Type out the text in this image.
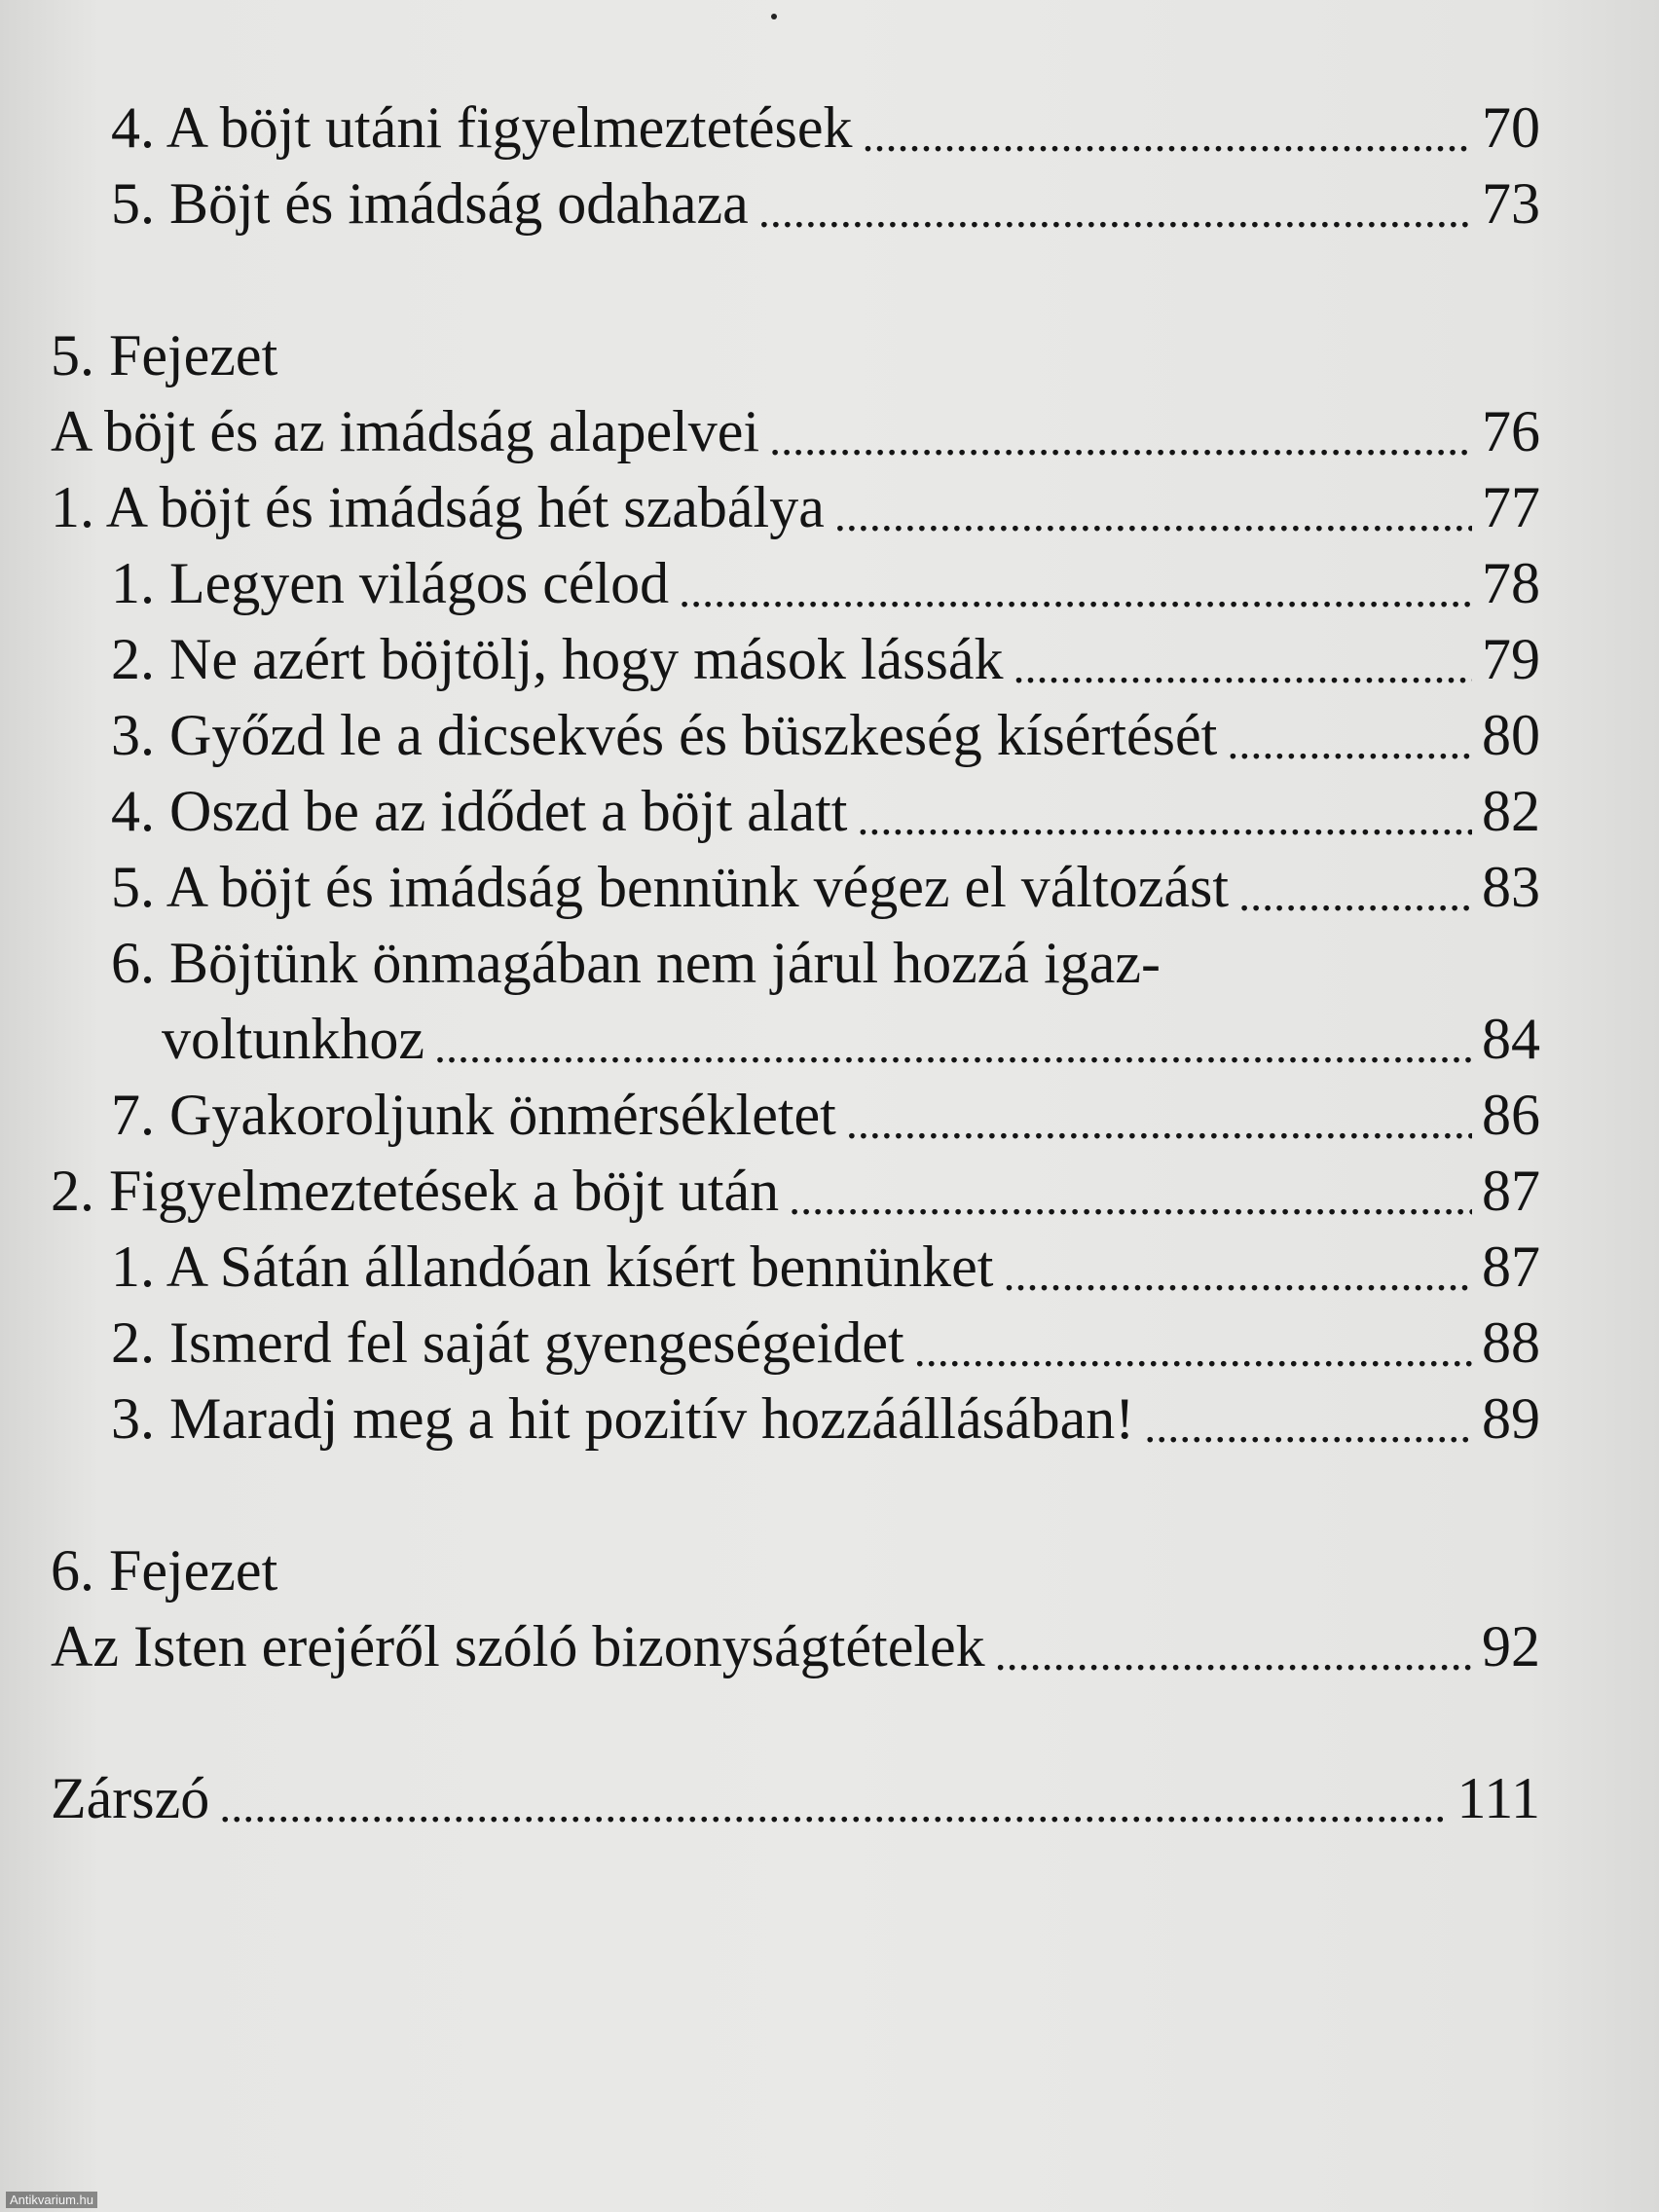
4. A böjt utáni figyelmeztetések . . .	70
5. Böjt és imádság odahaza . . .	73
5. Fejezet
A böjt és az imádság alapelvei . . .	76
1. A böjt és imádság hét szabálya . . .	77
1. Legyen világos célod . . .	78
2. Ne azért böjtölj, hogy mások lássák . . .	79
3. Győzd le a dicsekvés és büszkeség kísértését . . .	80
4. Oszd be az idődet a böjt alatt . . .	82
5. A böjt és imádság bennünk végez el változást . . .	83
6. Böjtünk önmagában nem járul hozzá igaz-
voltunkhoz . . .	84
7. Gyakoroljunk önmérsékletet . . .	86
2. Figyelmeztetések a böjt után . . .	87
1. A Sátán állandóan kísért bennünket . . .	87
2. Ismerd fel saját gyengeségeidet . . .	88
3. Maradj meg a hit pozitív hozzáállásában! . . .	89
6. Fejezet
Az Isten erejéről szóló bizonyságtételek . . .	92
Zárszó . . .	111
Antikvarium.hu
